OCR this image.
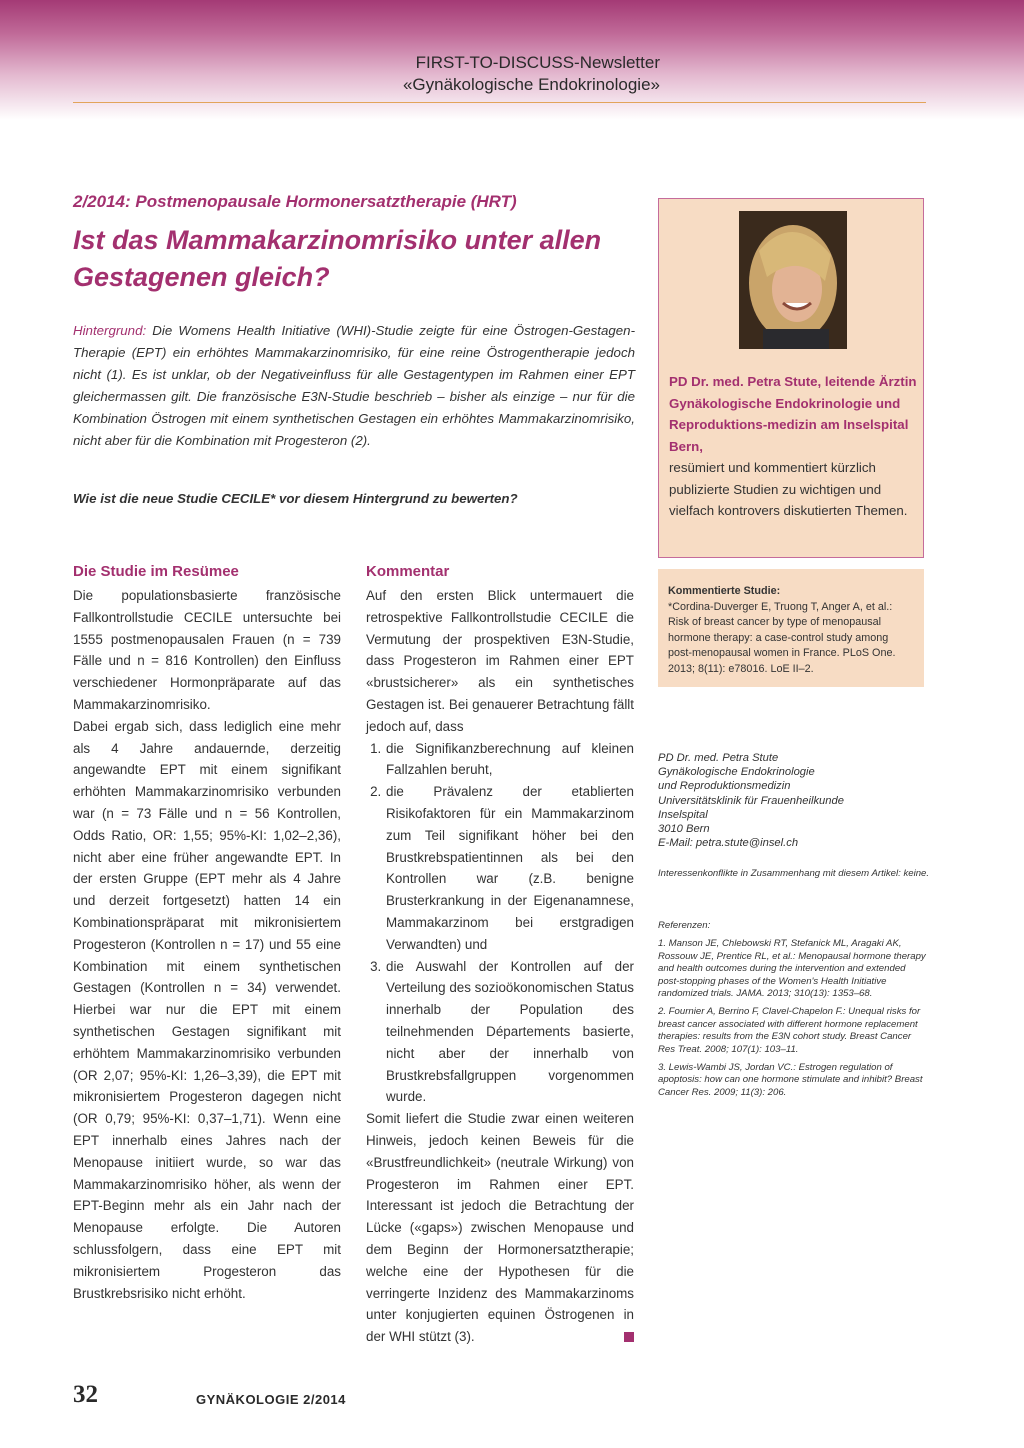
FIRST-TO-DISCUSS-Newsletter
«Gynäkologische Endokrinologie»
2/2014: Postmenopausale Hormonersatztherapie (HRT)
Ist das Mammakarzinomrisiko unter allen Gestagenen gleich?
Hintergrund: Die Womens Health Initiative (WHI)-Studie zeigte für eine Östrogen-Gestagen-Therapie (EPT) ein erhöhtes Mammakarzinomrisiko, für eine reine Östrogentherapie jedoch nicht (1). Es ist unklar, ob der Negativeinfluss für alle Gestagentypen im Rahmen einer EPT gleichermassen gilt. Die französische E3N-Studie beschrieb – bisher als einzige – nur für die Kombination Östrogen mit einem synthetischen Gestagen ein erhöhtes Mammakarzinomrisiko, nicht aber für die Kombination mit Progesteron (2).
Wie ist die neue Studie CECILE* vor diesem Hintergrund zu bewerten?
Die Studie im Resümee

Die populationsbasierte französische Fallkontrollstudie CECILE untersuchte bei 1555 postmenopausalen Frauen (n = 739 Fälle und n = 816 Kontrollen) den Einfluss verschiedener Hormonpräparate auf das Mammakarzinomrisiko.

Dabei ergab sich, dass lediglich eine mehr als 4 Jahre andauernde, derzeitig angewandte EPT mit einem signifikant erhöhten Mammakarzinomrisiko verbunden war (n = 73 Fälle und n = 56 Kontrollen, Odds Ratio, OR: 1,55; 95%-KI: 1,02–2,36), nicht aber eine früher angewandte EPT. In der ersten Gruppe (EPT mehr als 4 Jahre und derzeit fortgesetzt) hatten 14 ein Kombinationspräparat mit mikronisiertem Progesteron (Kontrollen n = 17) und 55 eine Kombination mit einem synthetischen Gestagen (Kontrollen n = 34) verwendet. Hierbei war nur die EPT mit einem synthetischen Gestagen signifikant mit erhöhtem Mammakarzinomrisiko verbunden (OR 2,07; 95%-KI: 1,26–3,39), die EPT mit mikronisiertem Progesteron dagegen nicht (OR 0,79; 95%-KI: 0,37–1,71). Wenn eine EPT innerhalb eines Jahres nach der Menopause initiiert wurde, so war das Mammakarzinomrisiko höher, als wenn der EPT-Beginn mehr als ein Jahr nach der Menopause erfolgte. Die Autoren schlussfolgern, dass eine EPT mit mikronisiertem Progesteron das Brustkrebsrisiko nicht erhöht.

Kommentar

Auf den ersten Blick untermauert die retrospektive Fallkontrollstudie CECILE die Vermutung der prospektiven E3N-Studie, dass Progesteron im Rahmen einer EPT «brustsicherer» als ein synthetisches Gestagen ist. Bei genauerer Betrachtung fällt jedoch auf, dass

1. die Signifikanzberechnung auf kleinen Fallzahlen beruht,
2. die Prävalenz der etablierten Risikofaktoren für ein Mammakarzinom zum Teil signifikant höher bei den Brustkrebspatientinnen als bei den Kontrollen war (z.B. benigne Brusterkrankung in der Eigenanamnese, Mammakarzinom bei erstgradigen Verwandten) und
3. die Auswahl der Kontrollen auf der Verteilung des sozioökonomischen Status innerhalb der Population des teilnehmenden Départements basierte, nicht aber der innerhalb von Brustkrebsfallgruppen vorgenommen wurde.

Somit liefert die Studie zwar einen weiteren Hinweis, jedoch keinen Beweis für die «Brustfreundlichkeit» (neutrale Wirkung) von Progesteron im Rahmen einer EPT. Interessant ist jedoch die Betrachtung der Lücke («gaps») zwischen Menopause und dem Beginn der Hormonersatztherapie; welche eine der Hypothesen für die verringerte Inzidenz des Mammakarzinoms unter konjugierten equinen Östrogenen in der WHI stützt (3).

PD Dr. med. Petra Stute, leitende Ärztin Gynäkologische Endokrinologie und Reproduktions-medizin am Inselspital Bern,
resümiert und kommentiert kürzlich publizierte Studien zu wichtigen und vielfach kontrovers diskutierten Themen.
Kommentierte Studie:
*Cordina-Duverger E, Truong T, Anger A, et al.: Risk of breast cancer by type of menopausal hormone therapy: a case-control study among post-menopausal women in France. PLoS One. 2013; 8(11): e78016. LoE II–2.
PD Dr. med. Petra Stute
Gynäkologische Endokrinologie
und Reproduktionsmedizin
Universitätsklinik für Frauenheilkunde
Inselspital
3010 Bern
E-Mail: petra.stute@insel.ch
Interessenkonflikte in Zusammenhang mit diesem Artikel: keine.
Referenzen:
1. Manson JE, Chlebowski RT, Stefanick ML, Aragaki AK, Rossouw JE, Prentice RL, et al.: Menopausal hormone therapy and health outcomes during the intervention and extended post-stopping phases of the Women's Health Initiative randomized trials. JAMA. 2013; 310(13): 1353–68.
2. Fournier A, Berrino F, Clavel-Chapelon F.: Unequal risks for breast cancer associated with different hormone replacement therapies: results from the E3N cohort study. Breast Cancer Res Treat. 2008; 107(1): 103–11.
3. Lewis-Wambi JS, Jordan VC.: Estrogen regulation of apoptosis: how can one hormone stimulate and inhibit? Breast Cancer Res. 2009; 11(3): 206.
32	GYNÄKOLOGIE 2/2014
